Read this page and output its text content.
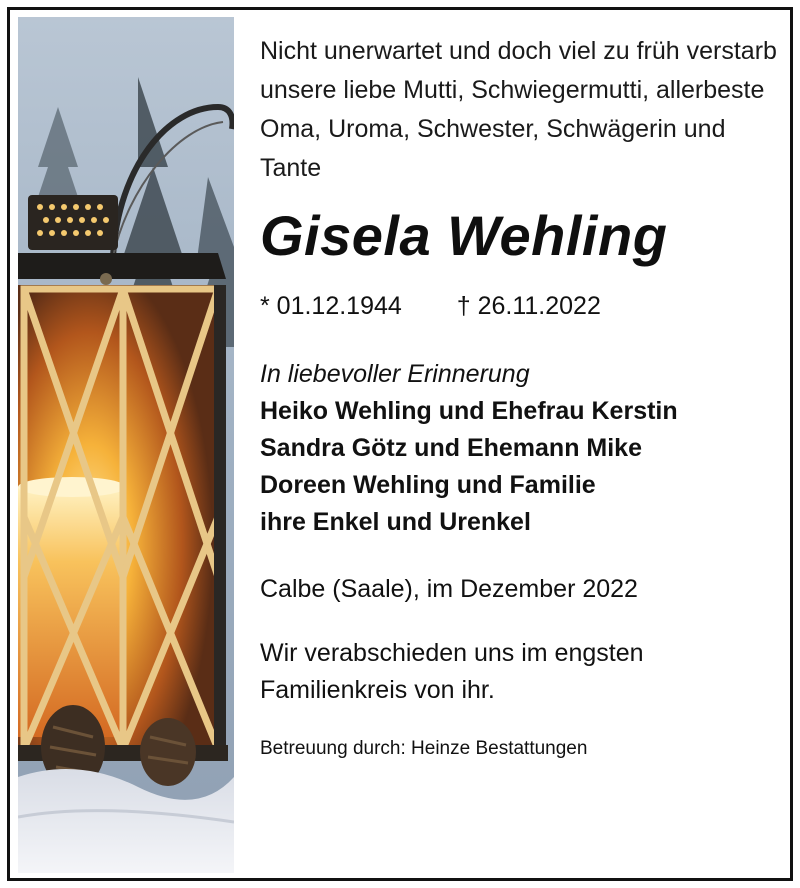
Nicht unerwartet und doch viel zu früh verstarb unsere liebe Mutti, Schwiegermutti, allerbeste Oma, Uroma, Schwester, Schwägerin und Tante

Gisela Wehling
* 01.12.1944 † 26.11.2022
In liebevoller Erinnerung
Heiko Wehling und Ehefrau Kerstin
Sandra Götz und Ehemann Mike
Doreen Wehling und Familie
ihre Enkel und Urenkel
Calbe (Saale), im Dezember 2022

Wir verabschieden uns im engsten Familienkreis von ihr.

Betreuung durch: Heinze Bestattungen
